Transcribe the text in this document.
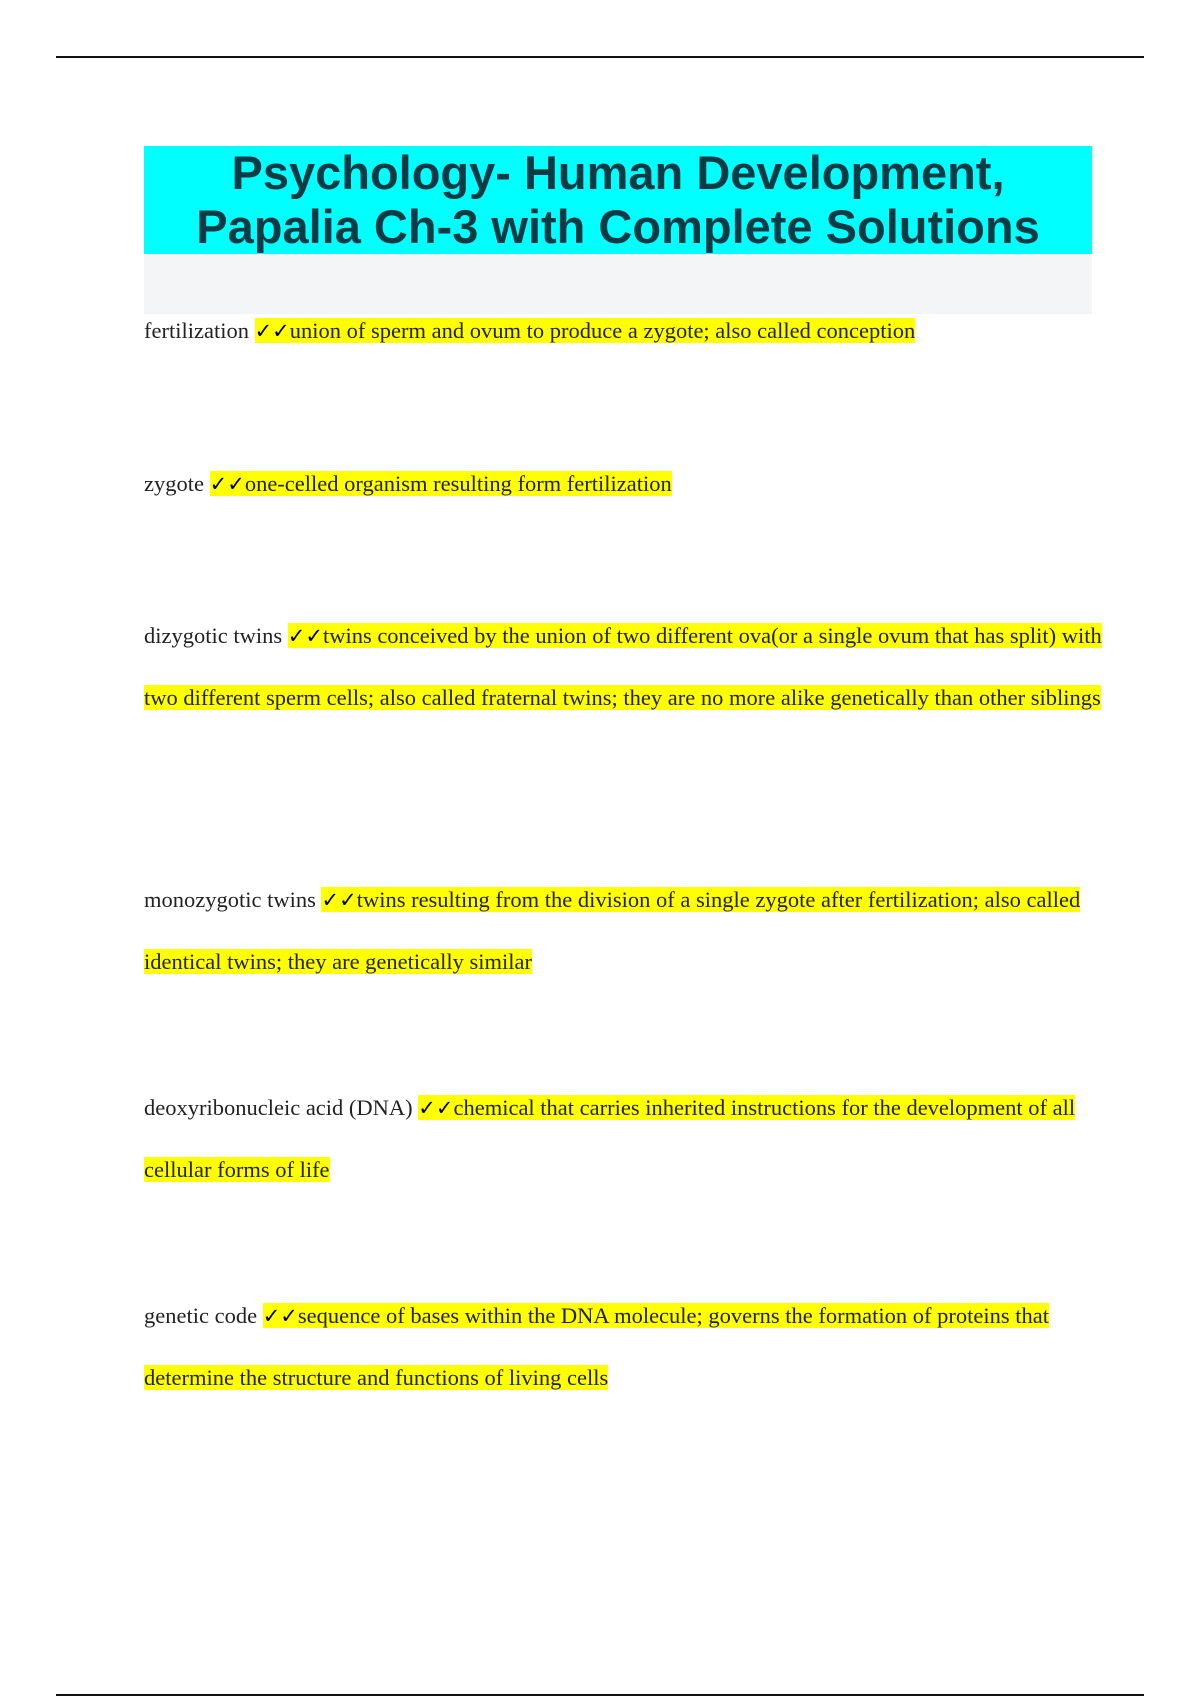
Psychology- Human Development,
Papalia Ch-3 with Complete Solutions

fertilization ✓✓union of sperm and ovum to produce a zygote; also called conception

zygote ✓✓one-celled organism resulting form fertilization

dizygotic twins ✓✓twins conceived by the union of two different ova(or a single ovum that has split) with two different sperm cells; also called fraternal twins; they are no more alike genetically than other siblings

monozygotic twins ✓✓twins resulting from the division of a single zygote after fertilization; also called identical twins; they are genetically similar

deoxyribonucleic acid (DNA) ✓✓chemical that carries inherited instructions for the development of all cellular forms of life

genetic code ✓✓sequence of bases within the DNA molecule; governs the formation of proteins that determine the structure and functions of living cells
